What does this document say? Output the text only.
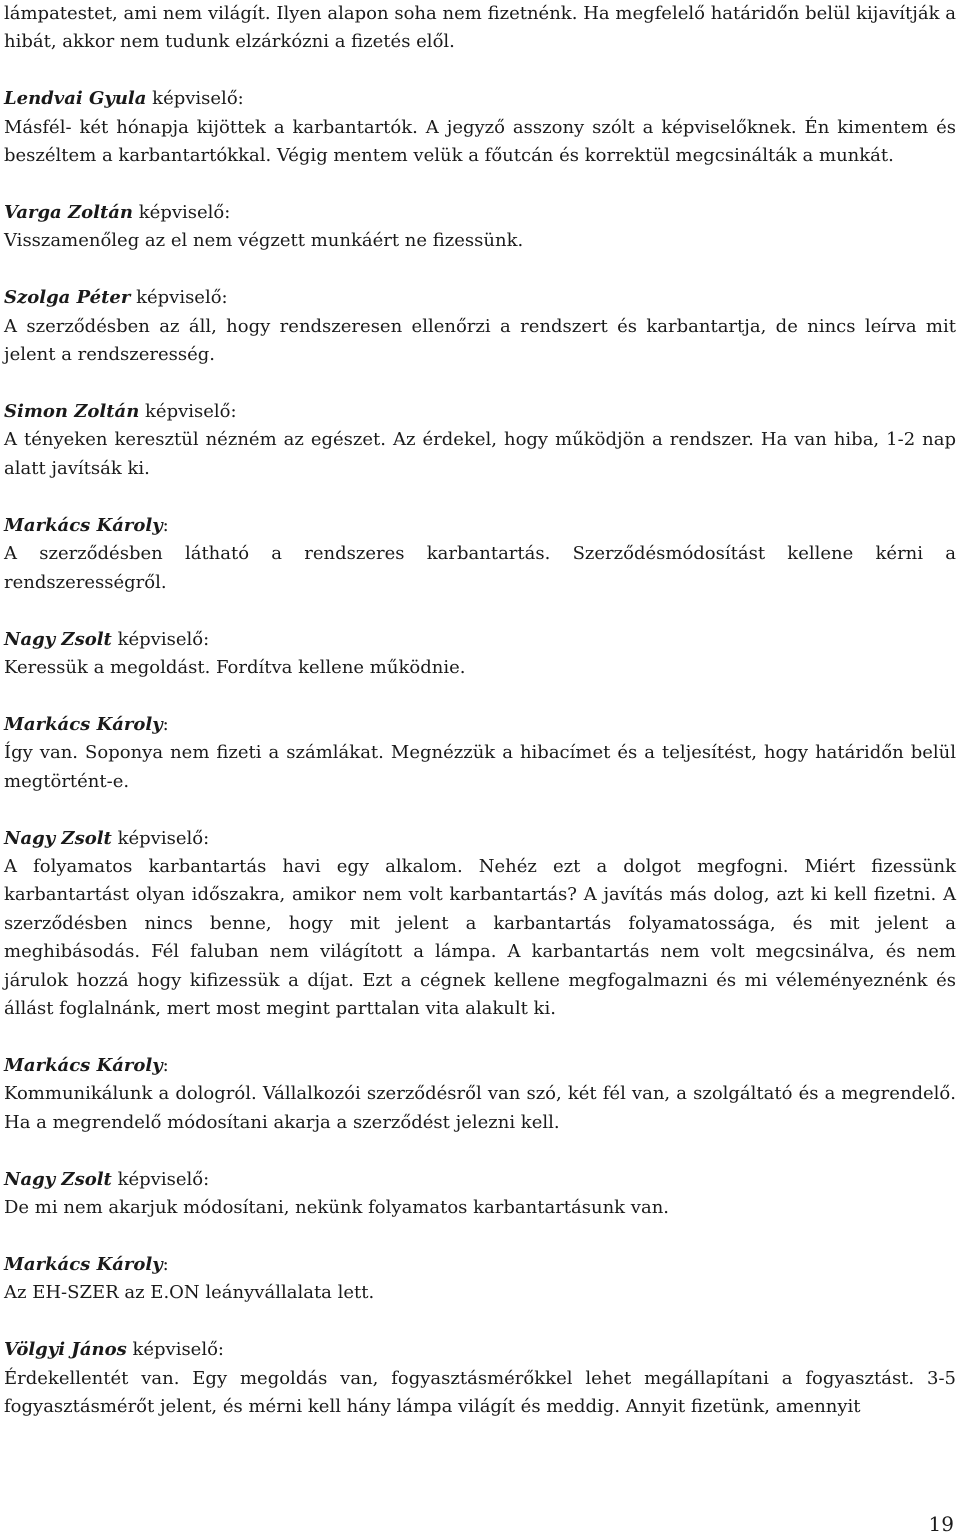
lámpatestet, ami nem világít. Ilyen alapon soha nem fizetnénk. Ha megfelelő határidőn belül kijavítják a hibát, akkor nem tudunk elzárkózni a fizetés elől.

Lendvai Gyula képviselő:

Másfél- két hónapja kijöttek a karbantartók. A jegyző asszony szólt a képviselőknek. Én kimentem és beszéltem a karbantartókkal. Végig mentem velük a főutcán és korrektül megcsinálták a munkát.

Varga Zoltán képviselő:

Visszamenőleg az el nem végzett munkáért ne fizessünk.

Szolga Péter képviselő:

A szerződésben az áll, hogy rendszeresen ellenőrzi a rendszert és karbantartja, de nincs leírva mit jelent a rendszeresség.

Simon Zoltán képviselő:

A tényeken keresztül nézném az egészet. Az érdekel, hogy működjön a rendszer. Ha van hiba, 1-2 nap alatt javítsák ki.

Markács Károly:

A szerződésben látható a rendszeres karbantartás. Szerződésmódosítást kellene kérni a rendszerességről.

Nagy Zsolt képviselő:

Keressük a megoldást. Fordítva kellene működnie.

Markács Károly:

Így van. Soponya nem fizeti a számlákat. Megnézzük a hibacímet és a teljesítést, hogy határidőn belül megtörtént-e.

Nagy Zsolt képviselő:

A folyamatos karbantartás havi egy alkalom. Nehéz ezt a dolgot megfogni. Miért fizessünk karbantartást olyan időszakra, amikor nem volt karbantartás? A javítás más dolog, azt ki kell fizetni. A szerződésben nincs benne, hogy mit jelent a karbantartás folyamatossága, és mit jelent a meghibásodás. Fél faluban nem világított a lámpa. A karbantartás nem volt megcsinálva, és nem járulok hozzá hogy kifizessük a díjat. Ezt a cégnek kellene megfogalmazni és mi véleményeznénk és állást foglalnánk, mert most megint parttalan vita alakult ki.

Markács Károly:

Kommunikálunk a dologról. Vállalkozói szerződésről van szó, két fél van, a szolgáltató és a megrendelő. Ha a megrendelő módosítani akarja a szerződést jelezni kell.

Nagy Zsolt képviselő:

De mi nem akarjuk módosítani, nekünk folyamatos karbantartásunk van.

Markács Károly:

Az EH-SZER az E.ON leányvállalata lett.

Völgyi János képviselő:

Érdekellentét van. Egy megoldás van, fogyasztásmérőkkel lehet megállapítani a fogyasztást. 3-5 fogyasztásmérőt jelent, és mérni kell hány lámpa világít és meddig. Annyit fizetünk, amennyit

19
